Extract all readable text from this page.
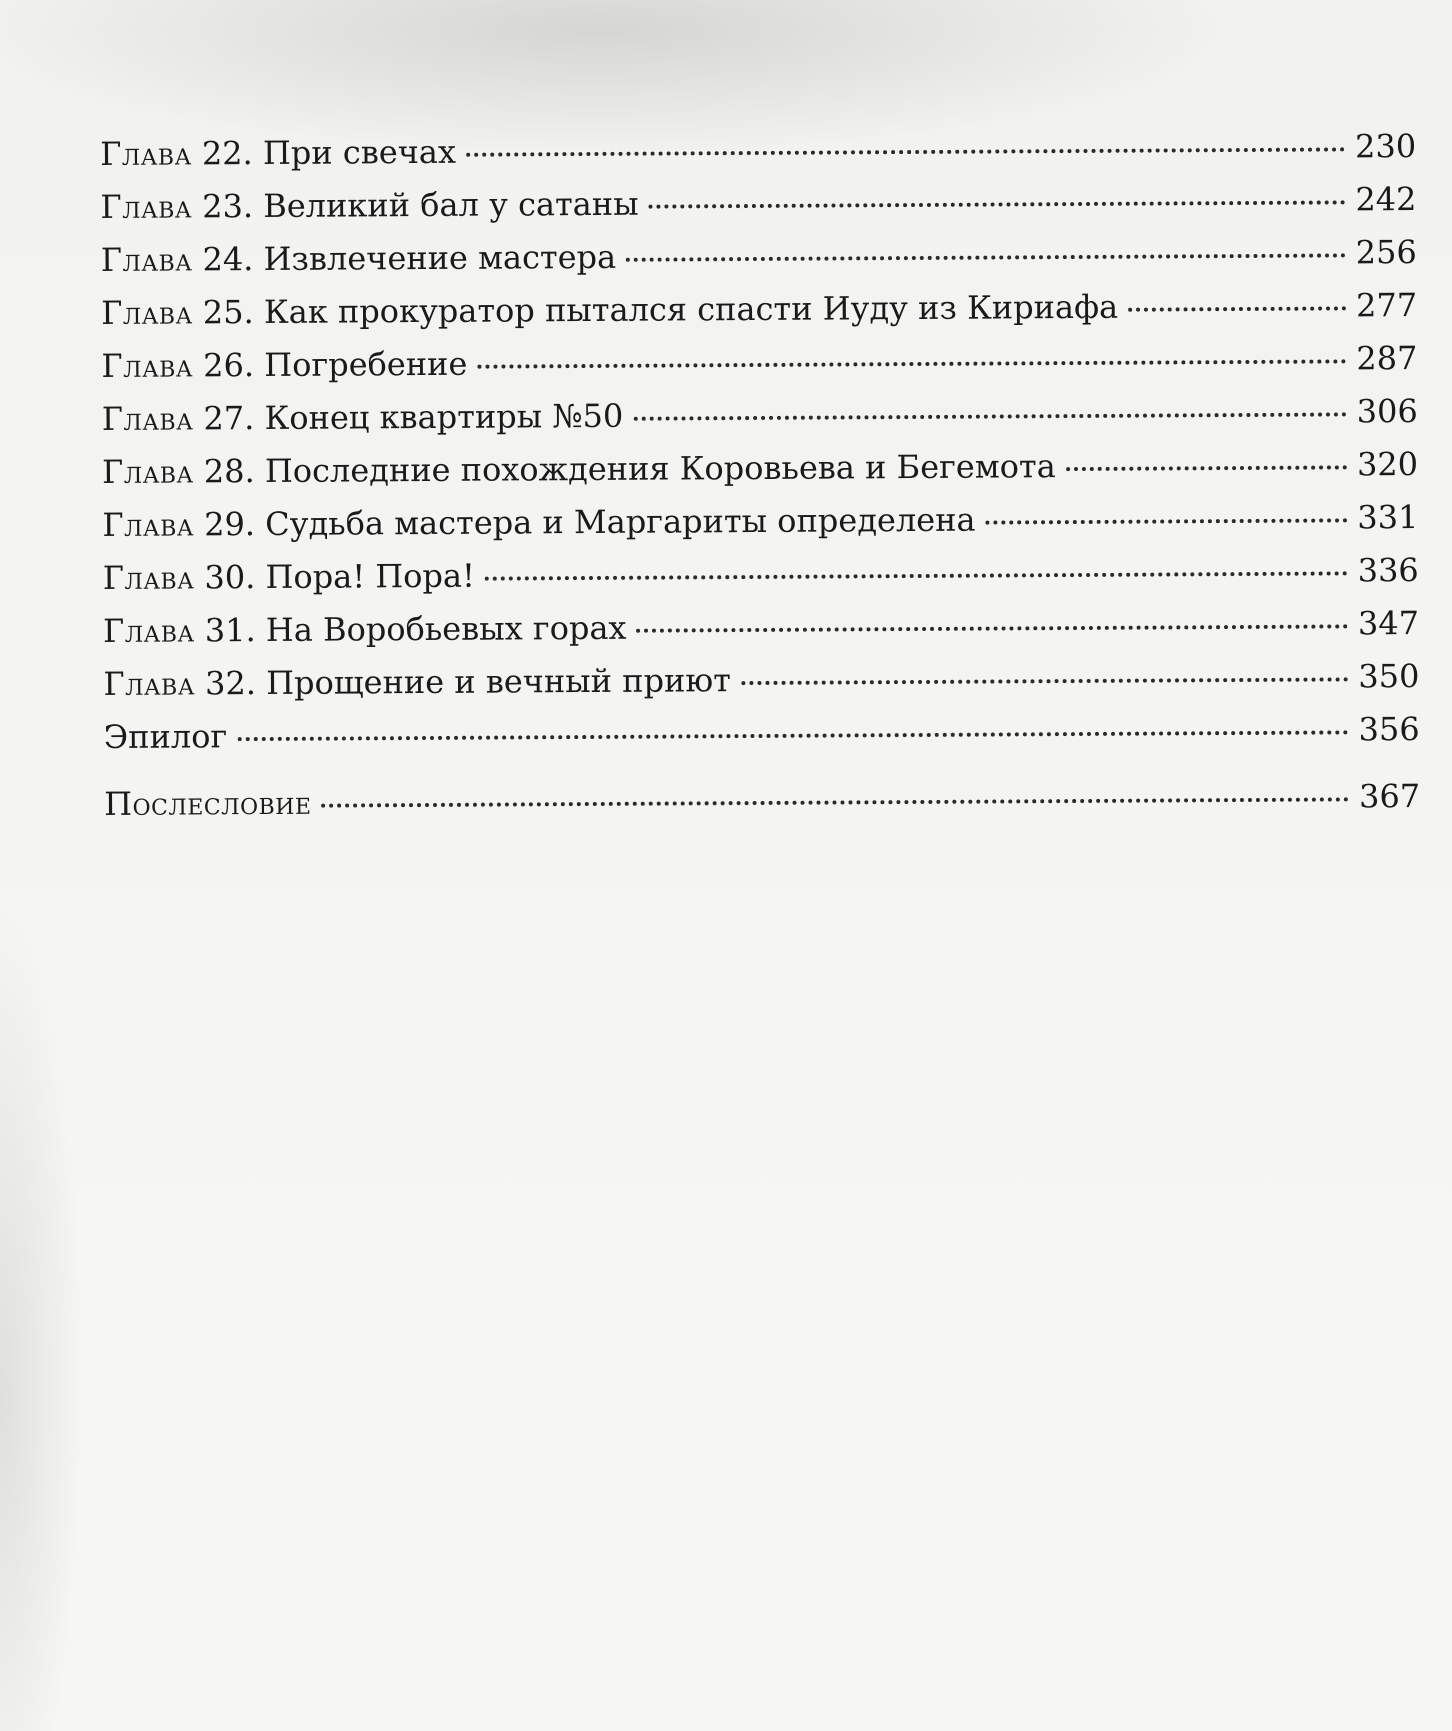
Глава 22. При свечах	230
Глава 23. Великий бал у сатаны	242
Глава 24. Извлечение мастера	256
Глава 25. Как прокуратор пытался спасти Иуду из Кириафа	277
Глава 26. Погребение	287
Глава 27. Конец квартиры №50	306
Глава 28. Последние похождения Коровьева и Бегемота	320
Глава 29. Судьба мастера и Маргариты определена	331
Глава 30. Пора! Пора!	336
Глава 31. На Воробьевых горах	347
Глава 32. Прощение и вечный приют	350
Эпилог	356
Послесловие	367
